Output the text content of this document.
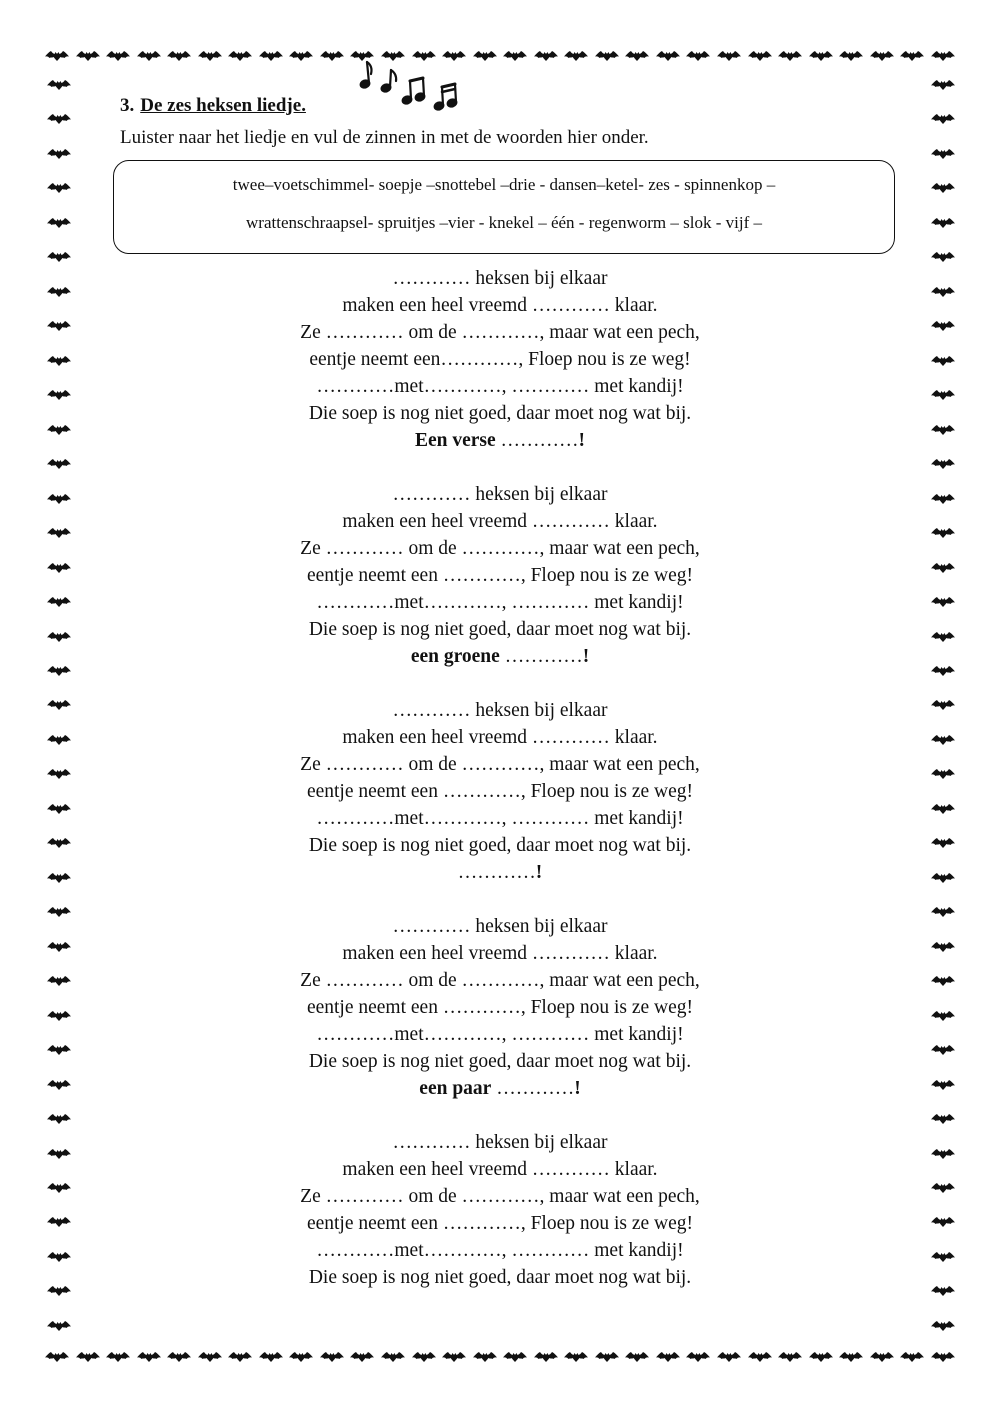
3. De zes heksen liedje.
Luister naar het liedje en vul de zinnen in met de woorden hier onder.
twee–voetschimmel- soepje –snottebel –drie - dansen–ketel- zes - spinnenkop –
wrattenschraapsel- spruitjes –vier - knekel – één - regenworm – slok - vijf –
………… heksen bij elkaar
maken een heel vreemd ………… klaar.
Ze ………… om de …………, maar wat een pech,
eentje neemt een…………, Floep nou is ze weg!
…………met…………, ………… met kandij!
Die soep is nog niet goed, daar moet nog wat bij.
Een verse …………!
………… heksen bij elkaar
maken een heel vreemd ………… klaar.
Ze ………… om de …………, maar wat een pech,
eentje neemt een …………, Floep nou is ze weg!
…………met…………, ………… met kandij!
Die soep is nog niet goed, daar moet nog wat bij.
een groene …………!
………… heksen bij elkaar
maken een heel vreemd ………… klaar.
Ze ………… om de …………, maar wat een pech,
eentje neemt een …………, Floep nou is ze weg!
…………met…………, ………… met kandij!
Die soep is nog niet goed, daar moet nog wat bij.
…………!
………… heksen bij elkaar
maken een heel vreemd ………… klaar.
Ze ………… om de …………, maar wat een pech,
eentje neemt een …………, Floep nou is ze weg!
…………met…………, ………… met kandij!
Die soep is nog niet goed, daar moet nog wat bij.
een paar …………!
………… heksen bij elkaar
maken een heel vreemd ………… klaar.
Ze ………… om de …………, maar wat een pech,
eentje neemt een …………, Floep nou is ze weg!
…………met…………, ………… met kandij!
Die soep is nog niet goed, daar moet nog wat bij.
